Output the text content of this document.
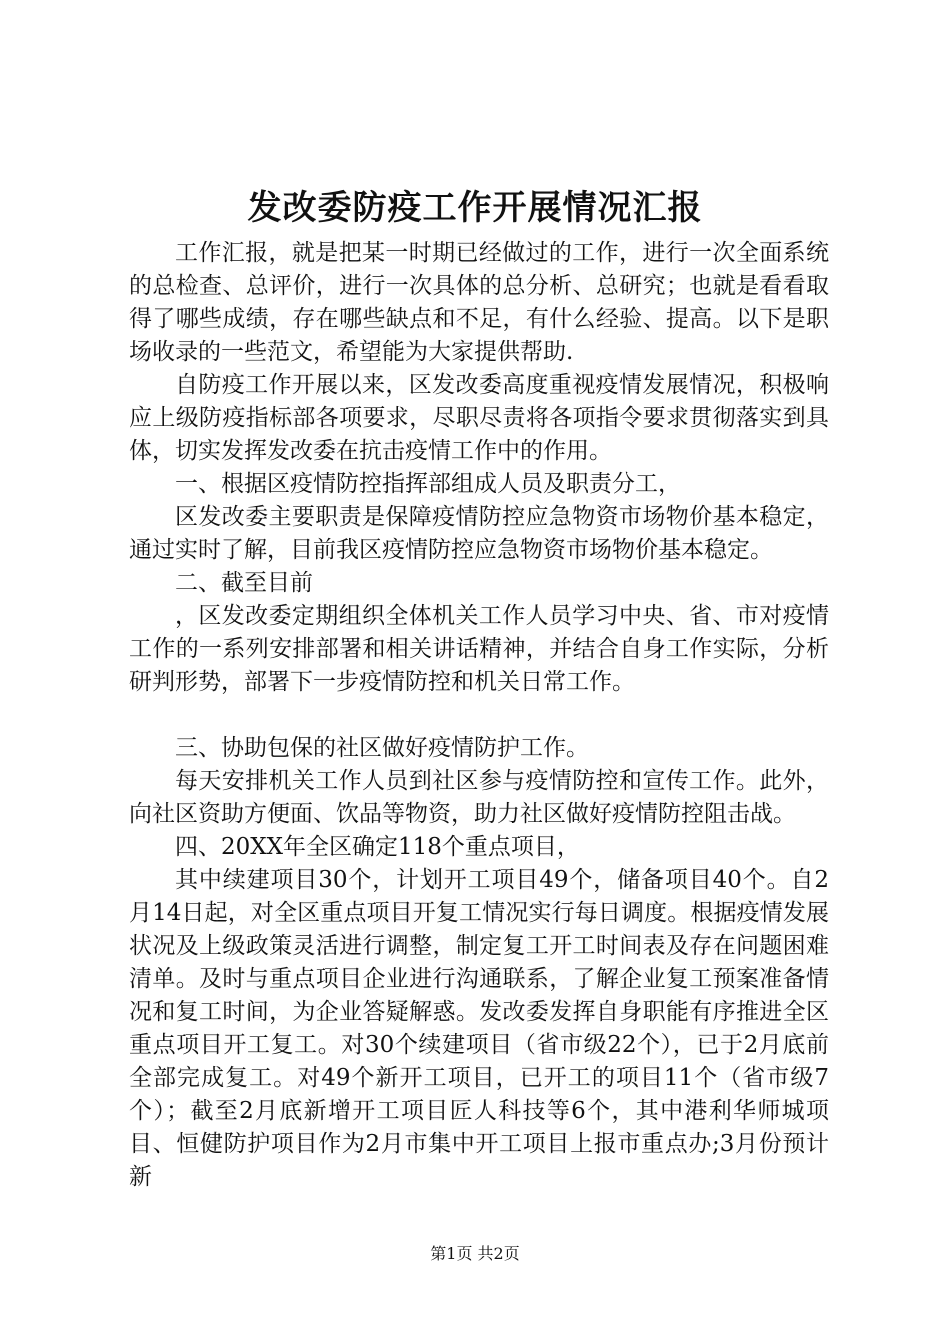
发改委防疫工作开展情况汇报

工作汇报，就是把某一时期已经做过的工作，进行一次全面系统的总检查、总评价，进行一次具体的总分析、总研究；也就是看看取得了哪些成绩，存在哪些缺点和不足，有什么经验、提高。以下是职场收录的一些范文，希望能为大家提供帮助.

自防疫工作开展以来，区发改委高度重视疫情发展情况，积极响应上级防疫指标部各项要求，尽职尽责将各项指令要求贯彻落实到具体，切实发挥发改委在抗击疫情工作中的作用。

一、根据区疫情防控指挥部组成人员及职责分工，

区发改委主要职责是保障疫情防控应急物资市场物价基本稳定，通过实时了解，目前我区疫情防控应急物资市场物价基本稳定。

二、截至目前

，区发改委定期组织全体机关工作人员学习中央、省、市对疫情工作的一系列安排部署和相关讲话精神，并结合自身工作实际，分析研判形势，部署下一步疫情防控和机关日常工作。

三、协助包保的社区做好疫情防护工作。

每天安排机关工作人员到社区参与疫情防控和宣传工作。此外，向社区资助方便面、饮品等物资，助力社区做好疫情防控阻击战。

四、20XX年全区确定118个重点项目，

其中续建项目30个，计划开工项目49个，储备项目40个。自2月14日起，对全区重点项目开复工情况实行每日调度。根据疫情发展状况及上级政策灵活进行调整，制定复工开工时间表及存在问题困难清单。及时与重点项目企业进行沟通联系，了解企业复工预案准备情况和复工时间，为企业答疑解惑。发改委发挥自身职能有序推进全区重点项目开工复工。对30个续建项目（省市级22个），已于2月底前全部完成复工。对49个新开工项目，已开工的项目11个（省市级7个）；截至2月底新增开工项目匠人科技等6个，其中港利华师城项目、恒健防护项目作为2月市集中开工项目上报市重点办;3月份预计新

第1页 共2页
